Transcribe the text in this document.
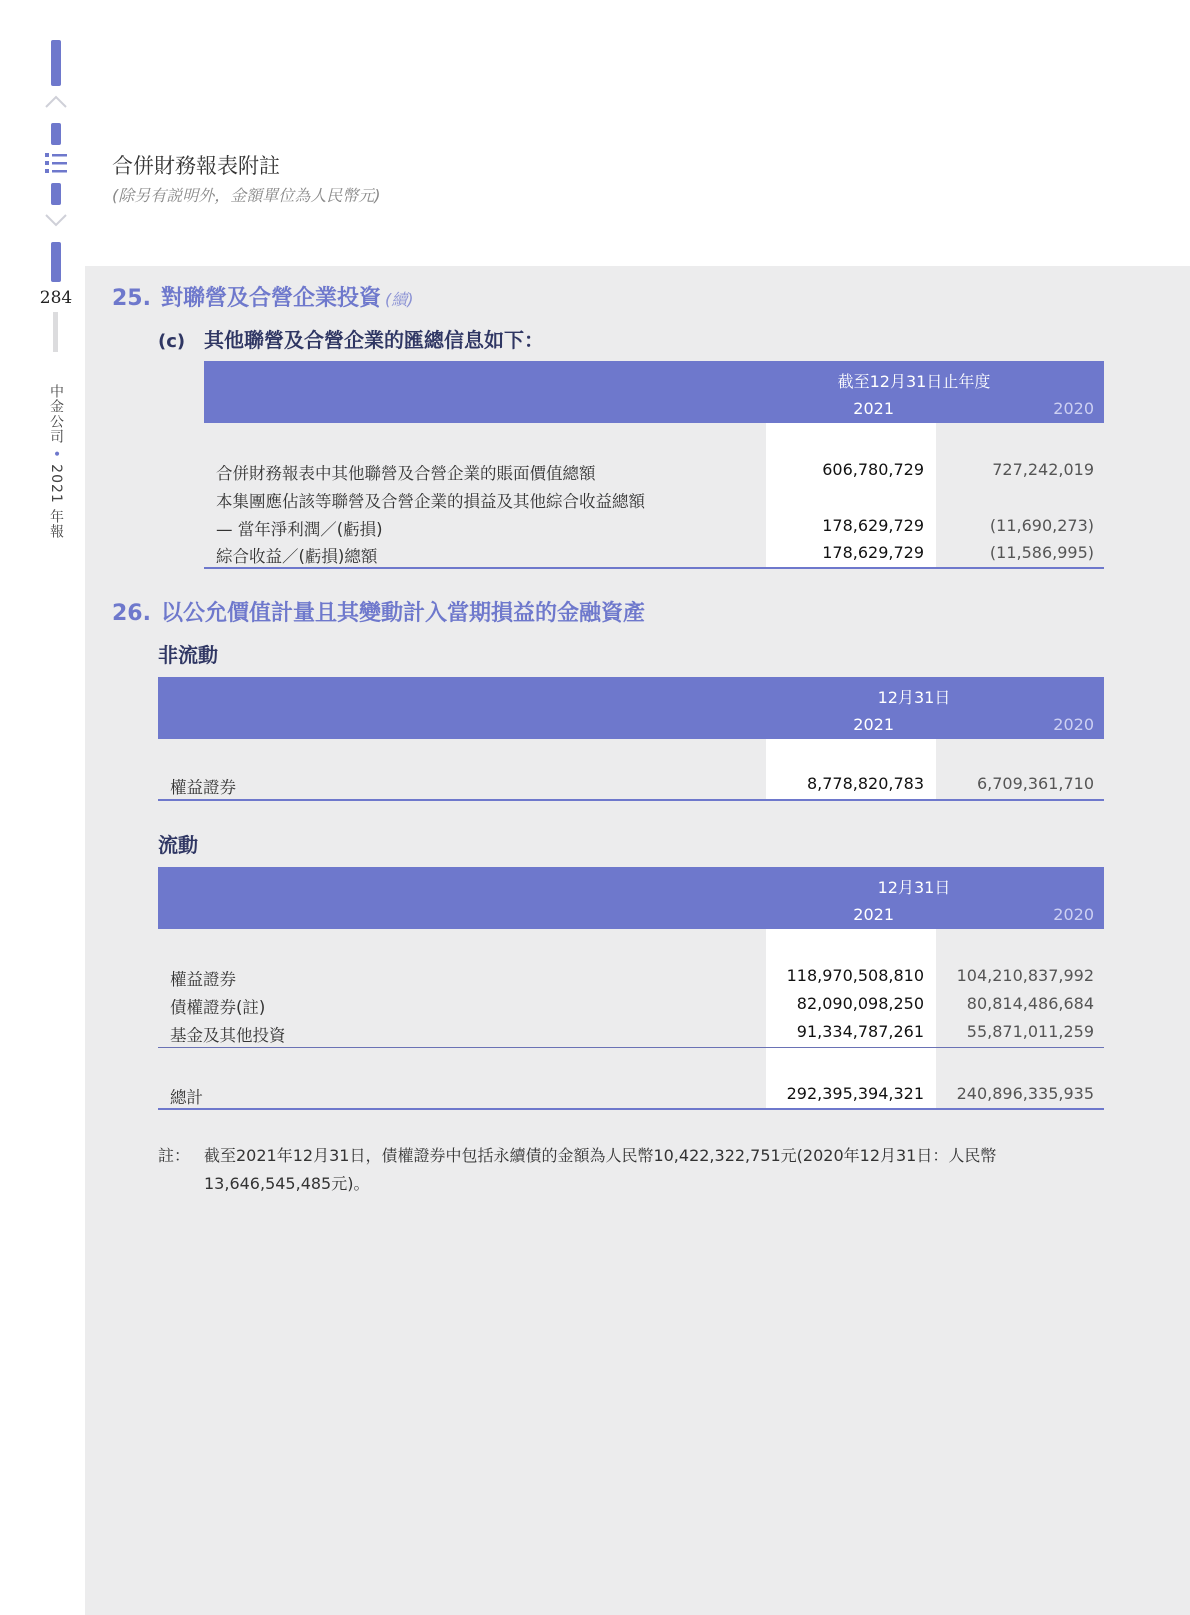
284
中金公司 • 2021 年報
合併財務報表附註
(除另有説明外，金額單位為人民幣元)
25. 對聯營及合營企業投資 (續)
(c) 其他聯營及合營企業的匯總信息如下：
截至12月31日止年度
2021	2020
合併財務報表中其他聯營及合營企業的賬面價值總額	606,780,729	727,242,019
本集團應佔該等聯營及合營企業的損益及其他綜合收益總額
— 當年淨利潤／(虧損)	178,629,729	(11,690,273)
綜合收益／(虧損)總額	178,629,729	(11,586,995)
26. 以公允價值計量且其變動計入當期損益的金融資產
非流動
12月31日
2021	2020
權益證券	8,778,820,783	6,709,361,710
流動
12月31日
2021	2020
權益證券	118,970,508,810	104,210,837,992
債權證券(註)	82,090,098,250	80,814,486,684
基金及其他投資	91,334,787,261	55,871,011,259
總計	292,395,394,321	240,896,335,935
註： 截至2021年12月31日，債權證券中包括永續債的金額為人民幣10,422,322,751元(2020年12月31日：人民幣13,646,545,485元)。
